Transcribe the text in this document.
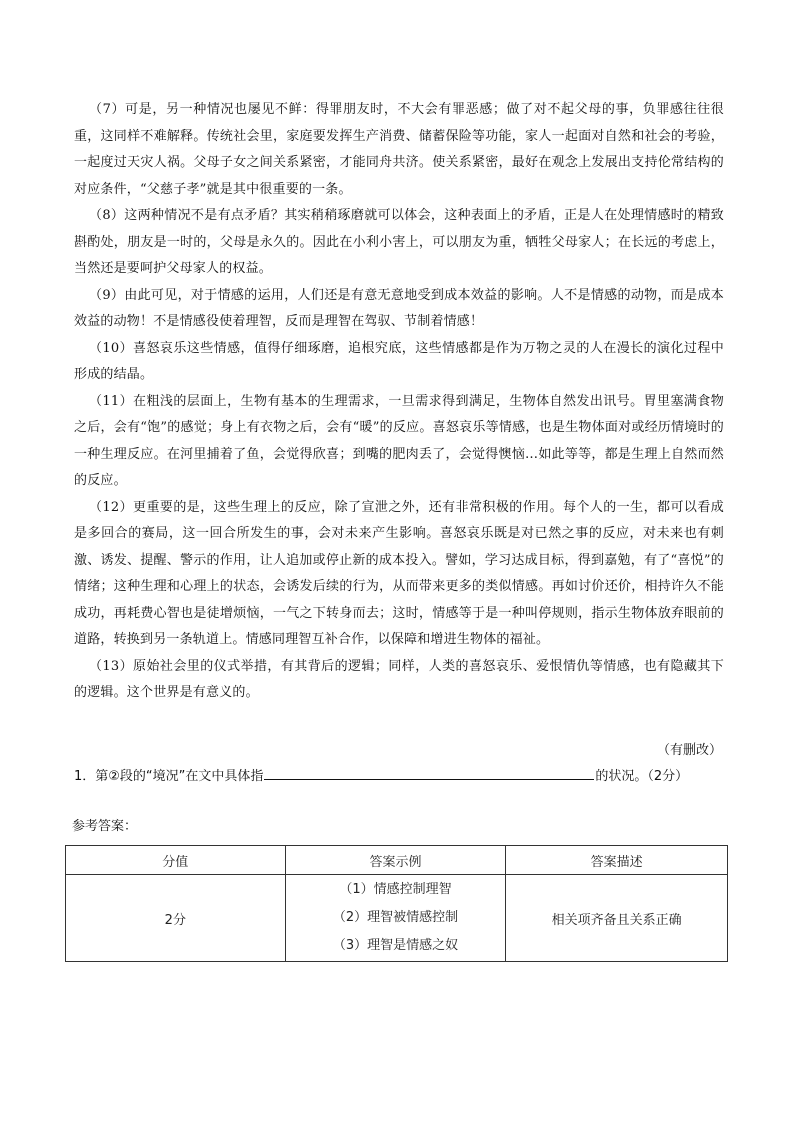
（7）可是，另一种情况也屡见不鲜：得罪朋友时，不大会有罪恶感；做了对不起父母的事，负罪感往往很重，这同样不难解释。传统社会里，家庭要发挥生产消费、储蓄保险等功能，家人一起面对自然和社会的考验，一起度过天灾人祸。父母子女之间关系紧密，才能同舟共济。使关系紧密，最好在观念上发展出支持伦常结构的对应条件，“父慈子孝”就是其中很重要的一条。

（8）这两种情况不是有点矛盾？其实稍稍琢磨就可以体会，这种表面上的矛盾，正是人在处理情感时的精致斟酌处，朋友是一时的，父母是永久的。因此在小利小害上，可以朋友为重，牺牲父母家人；在长远的考虑上，当然还是要呵护父母家人的权益。

（9）由此可见，对于情感的运用，人们还是有意无意地受到成本效益的影响。人不是情感的动物，而是成本效益的动物！不是情感役使着理智，反而是理智在驾驭、节制着情感！

（10）喜怒哀乐这些情感，值得仔细琢磨，追根究底，这些情感都是作为万物之灵的人在漫长的演化过程中形成的结晶。

（11）在粗浅的层面上，生物有基本的生理需求，一旦需求得到满足，生物体自然发出讯号。胃里塞满食物之后，会有“饱”的感觉；身上有衣物之后，会有“暖”的反应。喜怒哀乐等情感，也是生物体面对或经历情境时的一种生理反应。在河里捕着了鱼，会觉得欣喜；到嘴的肥肉丢了，会觉得懊恼…如此等等，都是生理上自然而然的反应。

（12）更重要的是，这些生理上的反应，除了宣泄之外，还有非常积极的作用。每个人的一生，都可以看成是多回合的赛局，这一回合所发生的事，会对未来产生影响。喜怒哀乐既是对已然之事的反应，对未来也有刺激、诱发、提醒、警示的作用，让人追加或停止新的成本投入。譬如，学习达成目标，得到嘉勉，有了“喜悦”的情绪；这种生理和心理上的状态，会诱发后续的行为，从而带来更多的类似情感。再如讨价还价，相持许久不能成功，再耗费心智也是徒增烦恼，一气之下转身而去；这时，情感等于是一种叫停规则，指示生物体放弃眼前的道路，转换到另一条轨道上。情感同理智互补合作，以保障和增进生物体的福祉。

（13）原始社会里的仪式举措，有其背后的逻辑；同样，人类的喜怒哀乐、爱恨情仇等情感，也有隐藏其下的逻辑。这个世界是有意义的。

（有删改）
1．第②段的“境况”在文中具体指	的状况。（2分）
参考答案：
分值	答案示例	答案描述
2分	（1）情感控制理智
（2）理智被情感控制
（3）理智是情感之奴	相关项齐备且关系正确
